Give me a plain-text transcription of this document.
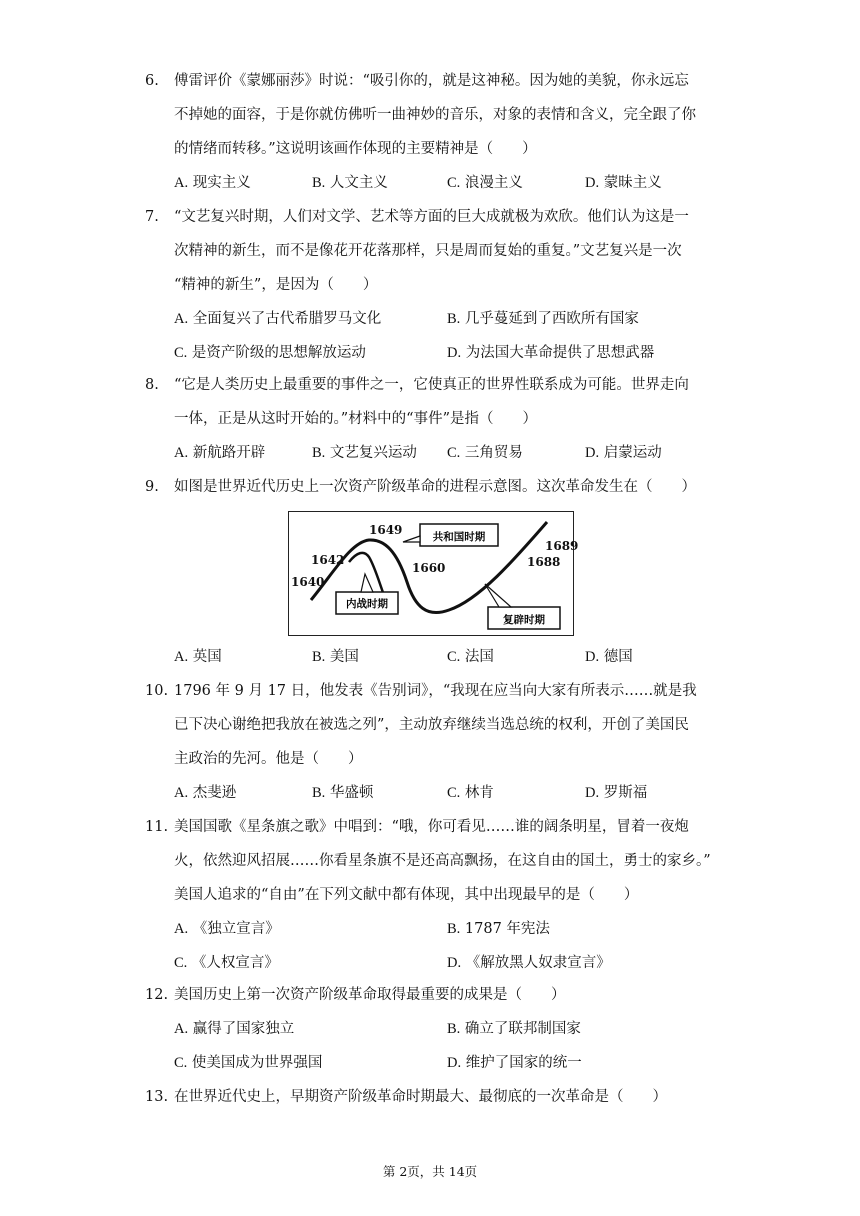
6. 傅雷评价《蒙娜丽莎》时说：“吸引你的，就是这神秘。因为她的美貌，你永远忘
不掉她的面容，于是你就仿佛听一曲神妙的音乐，对象的表情和含义，完全跟了你
的情绪而转移。”这说明该画作体现的主要精神是（　　）
A. 现实主义	B. 人文主义	C. 浪漫主义	D. 蒙昧主义
7. “文艺复兴时期，人们对文学、艺术等方面的巨大成就极为欢欣。他们认为这是一
次精神的新生，而不是像花开花落那样，只是周而复始的重复。”文艺复兴是一次
“精神的新生”，是因为（　　）
A. 全面复兴了古代希腊罗马文化	B. 几乎蔓延到了西欧所有国家
C. 是资产阶级的思想解放运动	D. 为法国大革命提供了思想武器
8. “它是人类历史上最重要的事件之一，它使真正的世界性联系成为可能。世界走向
一体，正是从这时开始的。”材料中的“事件”是指（　　）
A. 新航路开辟	B. 文艺复兴运动 C. 三角贸易	D. 启蒙运动
9. 如图是世界近代历史上一次资产阶级革命的进程示意图。这次革命发生在（　　）
1640
1642
1649
1660	1688
1689
共和国时期
内战时期
复辟时期
A. 英国	B. 美国	C. 法国	D. 德国
10. 1796 年 9 月 17 日，他发表《告别词》，“我现在应当向大家有所表示……就是我
已下决心谢绝把我放在被选之列”，主动放弃继续当选总统的权利，开创了美国民
主政治的先河。他是（　　）
A. 杰斐逊	B. 华盛顿	C. 林肯	D. 罗斯福
11. 美国国歌《星条旗之歌》中唱到：“哦，你可看见……谁的阔条明星，冒着一夜炮
火，依然迎风招展……你看星条旗不是还高高飘扬，在这自由的国土，勇士的家乡。”
美国人追求的“自由”在下列文献中都有体现，其中出现最早的是（　　）
A. 《独立宣言》	B. 1787 年宪法
C. 《人权宣言》	D. 《解放黑人奴隶宣言》
12. 美国历史上第一次资产阶级革命取得最重要的成果是（　　）
A. 赢得了国家独立	B. 确立了联邦制国家
C. 使美国成为世界强国	D. 维护了国家的统一
13. 在世界近代史上，早期资产阶级革命时期最大、最彻底的一次革命是（　　）
第 2页，共 14页
